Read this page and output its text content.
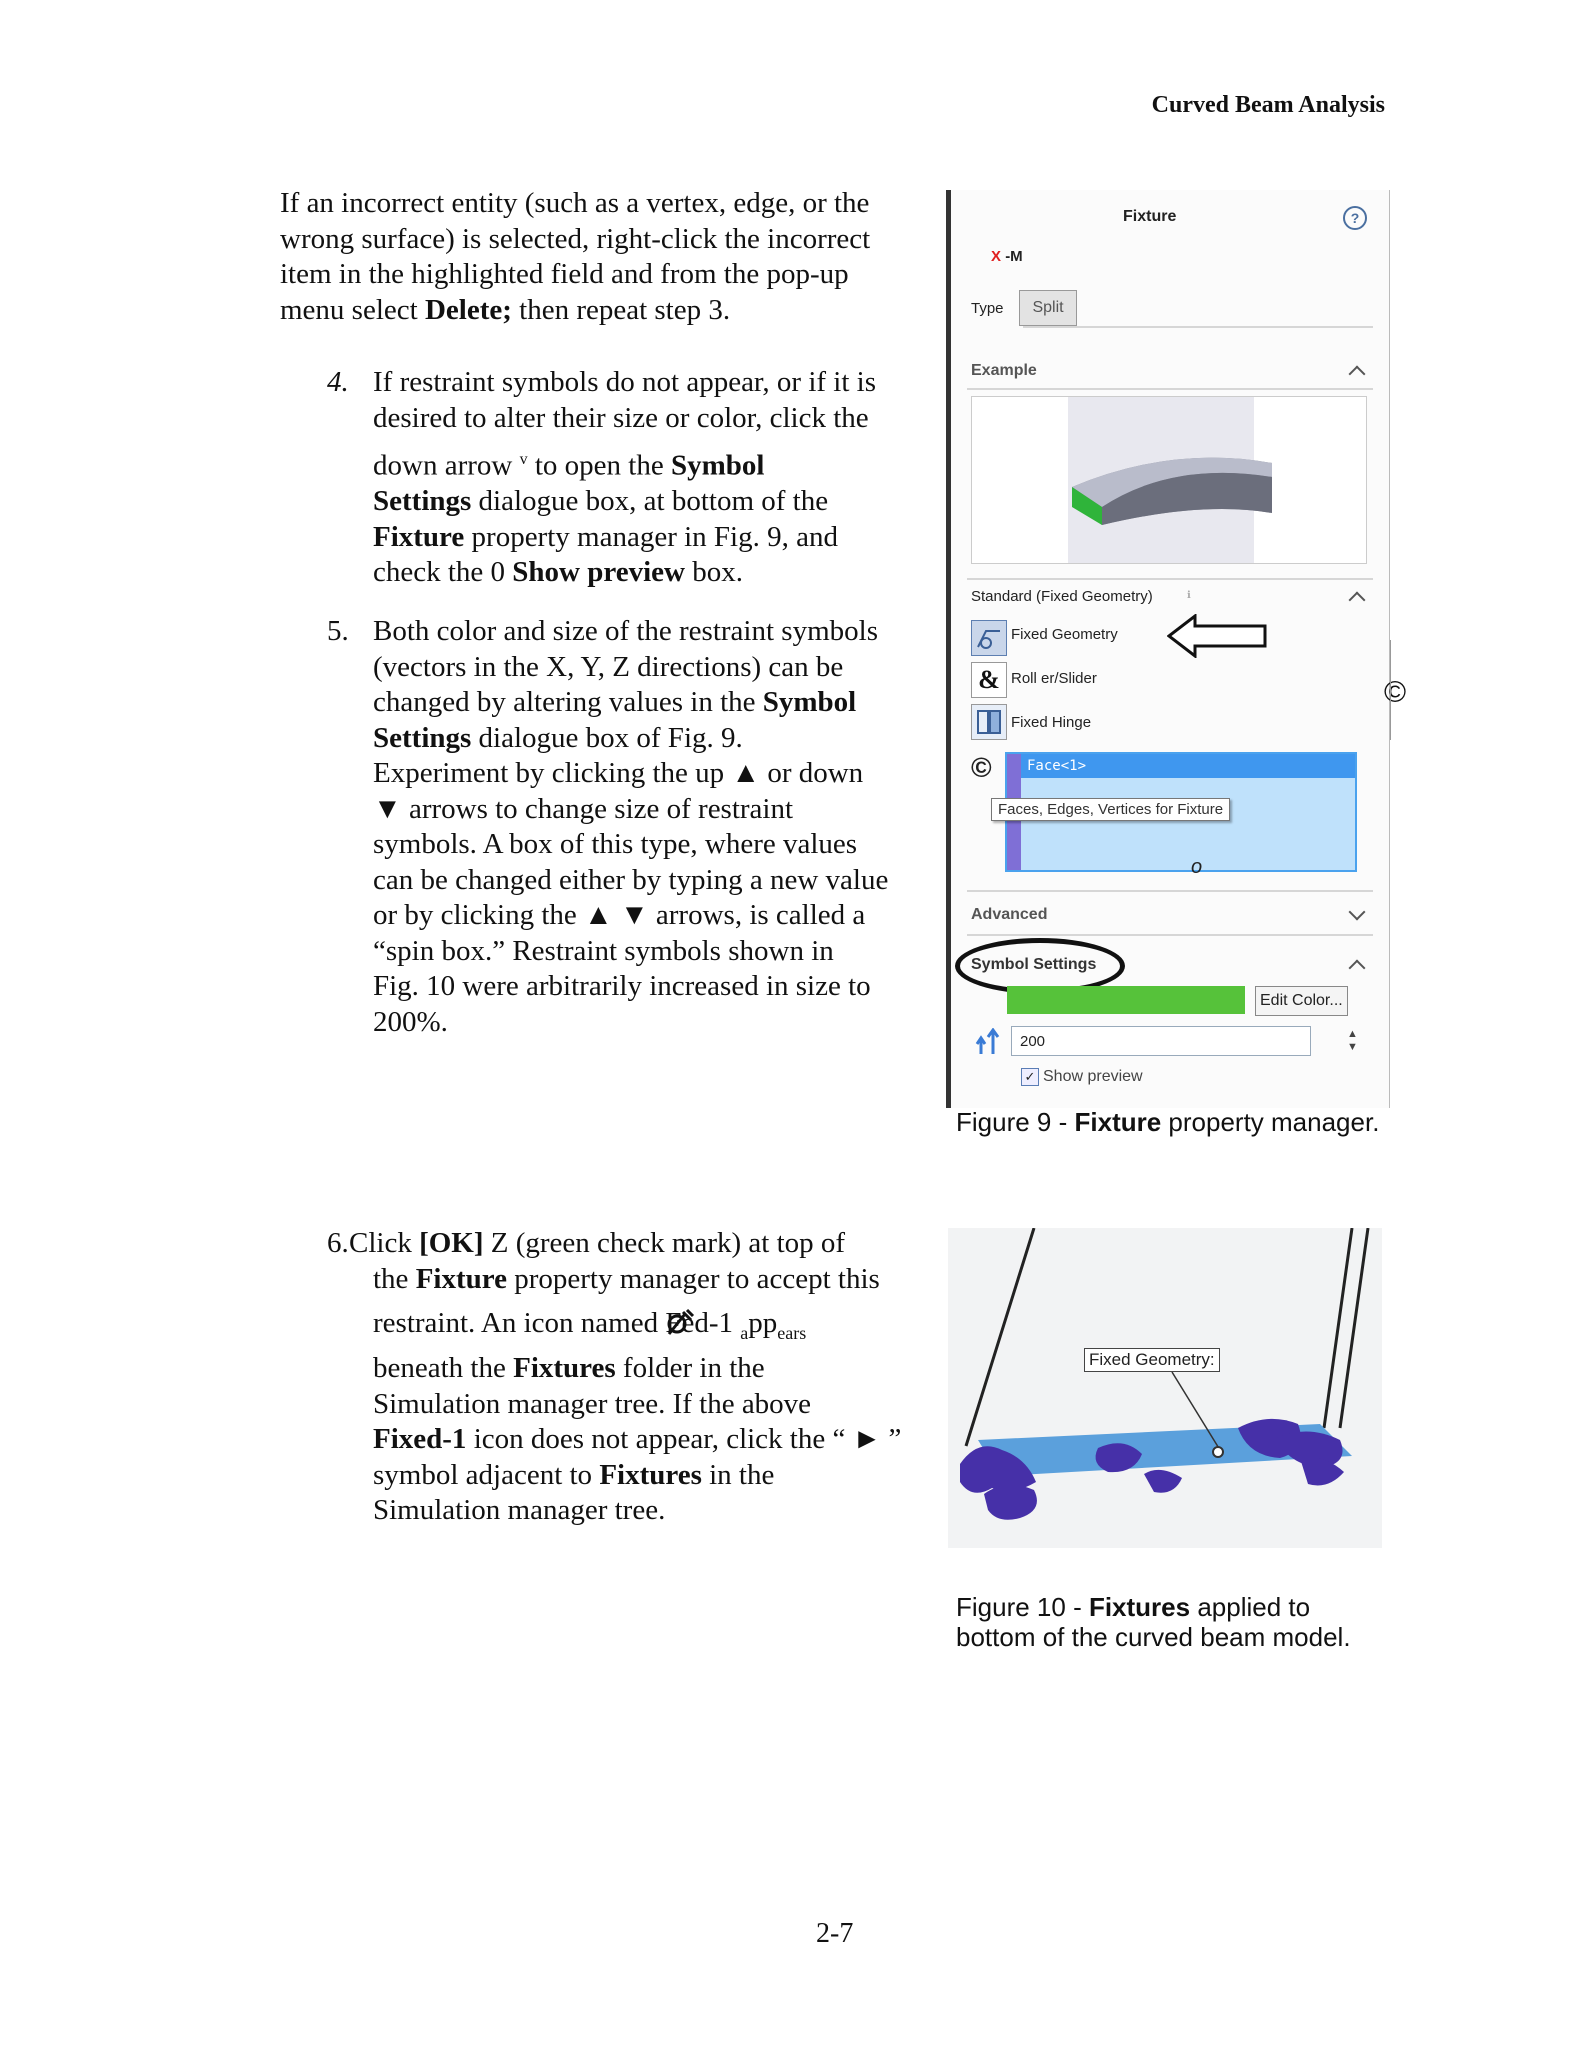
Curved Beam Analysis
If an incorrect entity (such as a vertex, edge, or the
wrong surface) is selected, right-click the incorrect
item in the highlighted field and from the pop-up
menu select Delete; then repeat step 3.
4. If restraint symbols do not appear, or if it is
desired to alter their size or color, click the
down arrow $^v$ to open the Symbol
Settings dialogue box, at bottom of the
Fixture property manager in Fig. 9, and
check the 0 Show preview box.
5. Both color and size of the restraint symbols
(vectors in the X, Y, Z directions) can be
changed by altering values in the Symbol
Settings dialogue box of Fig. 9.
Experiment by clicking the up ▲ or down
▼ arrows to change size of restraint
symbols. A box of this type, where values
can be changed either by typing a new value
or by clicking the ▲ ▼ arrows, is called a
“spin box.” Restraint symbols shown in
Fig. 10 were arbitrarily increased in size to
200%.
6. Click [OK] Z (green check mark) at top of
the Fixture property manager to accept this
restraint. An icon named F
ed-1 $_app_{ears}$
beneath the Fixtures folder in the
Simulation manager tree. If the above
Fixed-1 icon does not appear, click the “ ► ”
symbol adjacent to Fixtures in the
Simulation manager tree.
Fixture	?
X -M
Type	Split
Example
Standard (Fixed Geometry)	ℹ
Fixed Geometry
& Roll er/Slider
Fixed Hinge
©	Face<1>
Faces, Edges, Vertices for Fixture
o
Advanced
Symbol Settings
Edit Color...
200	▲
▼
✓ Show preview
©
Figure 9 - Fixture property manager.
Fixed Geometry:
Figure 10 - Fixtures applied to
bottom of the curved beam model.
2-7
